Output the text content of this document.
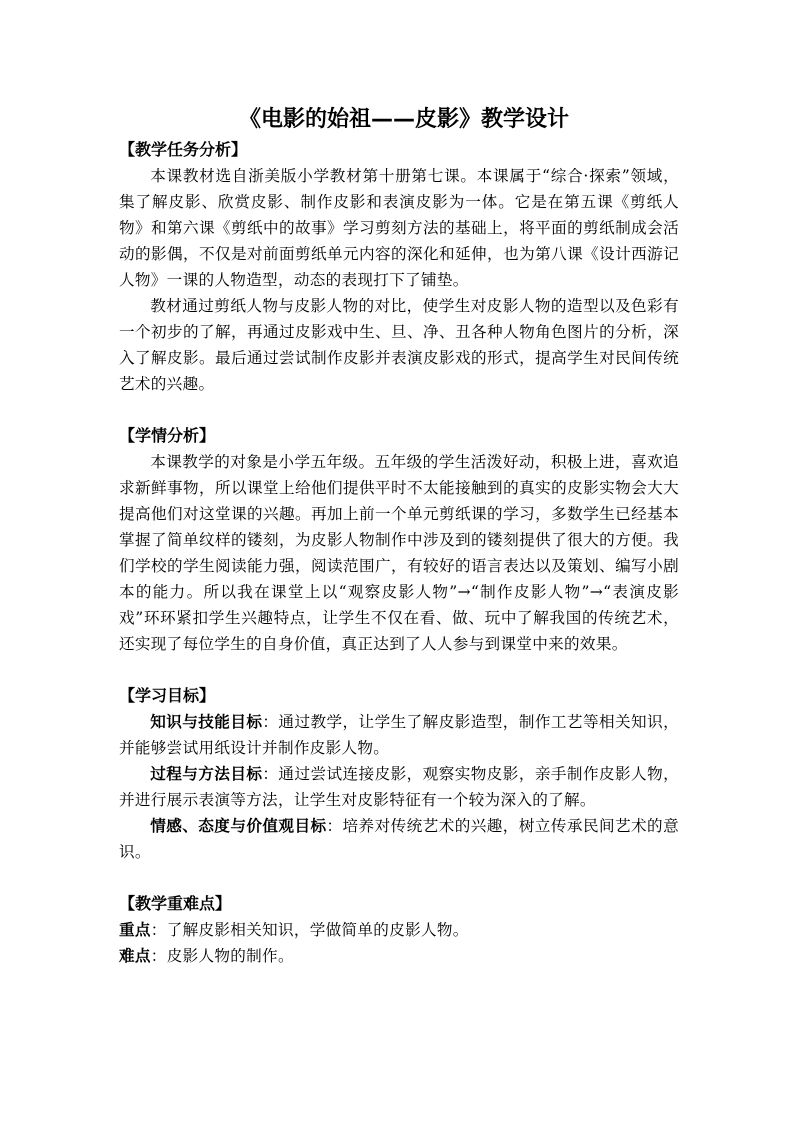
《电影的始祖——皮影》教学设计
【教学任务分析】

本课教材选自浙美版小学教材第十册第七课。本课属于“综合·探索”领域，集了解皮影、欣赏皮影、制作皮影和表演皮影为一体。它是在第五课《剪纸人物》和第六课《剪纸中的故事》学习剪刻方法的基础上，将平面的剪纸制成会活动的影偶，不仅是对前面剪纸单元内容的深化和延伸，也为第八课《设计西游记人物》一课的人物造型，动态的表现打下了铺垫。

教材通过剪纸人物与皮影人物的对比，使学生对皮影人物的造型以及色彩有一个初步的了解，再通过皮影戏中生、旦、净、丑各种人物角色图片的分析，深入了解皮影。最后通过尝试制作皮影并表演皮影戏的形式，提高学生对民间传统艺术的兴趣。

【学情分析】

本课教学的对象是小学五年级。五年级的学生活泼好动，积极上进，喜欢追求新鲜事物，所以课堂上给他们提供平时不太能接触到的真实的皮影实物会大大提高他们对这堂课的兴趣。再加上前一个单元剪纸课的学习，多数学生已经基本掌握了简单纹样的镂刻，为皮影人物制作中涉及到的镂刻提供了很大的方便。我们学校的学生阅读能力强，阅读范围广，有较好的语言表达以及策划、编写小剧本的能力。所以我在课堂上以“观察皮影人物”→“制作皮影人物”→“表演皮影戏”环环紧扣学生兴趣特点，让学生不仅在看、做、玩中了解我国的传统艺术，还实现了每位学生的自身价值，真正达到了人人参与到课堂中来的效果。

【学习目标】

知识与技能目标：通过教学，让学生了解皮影造型，制作工艺等相关知识，并能够尝试用纸设计并制作皮影人物。

过程与方法目标：通过尝试连接皮影，观察实物皮影，亲手制作皮影人物，并进行展示表演等方法，让学生对皮影特征有一个较为深入的了解。

情感、态度与价值观目标：培养对传统艺术的兴趣，树立传承民间艺术的意识。

【教学重难点】

重点：了解皮影相关知识，学做简单的皮影人物。

难点：皮影人物的制作。
